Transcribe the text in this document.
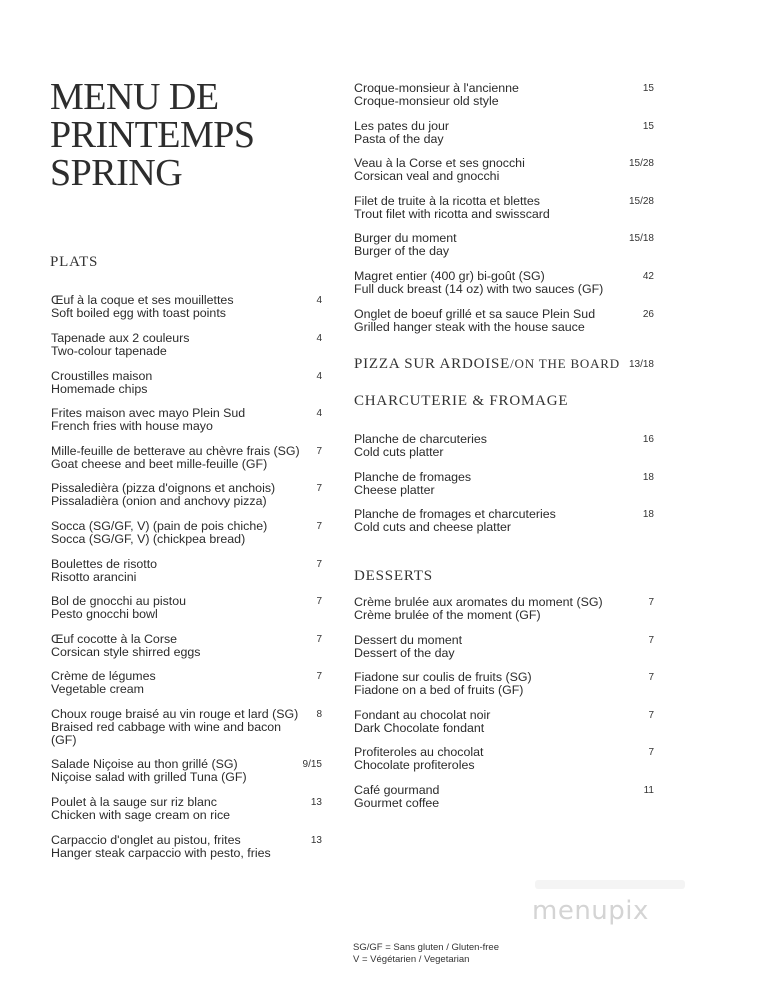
MENU DE
PRINTEMPS
SPRING
PLATS
Œuf à la coque et ses mouillettes
Soft boiled egg with toast points
4
Tapenade aux 2 couleurs
Two-colour tapenade
4
Croustilles maison
Homemade chips
4
Frites maison avec mayo Plein Sud
French fries with house mayo
4
Mille-feuille de betterave au chèvre frais (SG)
Goat cheese and beet mille-feuille (GF)
7
Pissaledièra (pizza d'oignons et anchois)
Pissaladièra (onion and anchovy pizza)
7
Socca (SG/GF, V) (pain de pois chiche)
Socca (SG/GF, V) (chickpea bread)
7
Boulettes de risotto
Risotto arancini
7
Bol de gnocchi au pistou
Pesto gnocchi bowl
7
Œuf cocotte à la Corse
Corsican style shirred eggs
7
Crème de légumes
Vegetable cream
7
Choux rouge braisé au vin rouge et lard (SG)
Braised red cabbage with wine and bacon
(GF)
8
Salade Niçoise au thon grillé (SG)
Niçoise salad with grilled Tuna (GF)
9/15
Poulet à la sauge sur riz blanc
Chicken with sage cream on rice
13
Carpaccio d'onglet au pistou, frites
Hanger steak carpaccio with pesto, fries
13
Croque-monsieur à l'ancienne
Croque-monsieur old style
15
Les pates du jour
Pasta of the day
15
Veau à la Corse et ses gnocchi
Corsican veal and gnocchi
15/28
Filet de truite à la ricotta et blettes
Trout filet with ricotta and swisscard
15/28
Burger du moment
Burger of the day
15/18
Magret entier (400 gr) bi-goût (SG)
Full duck breast (14 oz) with two sauces (GF)
42
Onglet de boeuf grillé et sa sauce Plein Sud
Grilled hanger steak with the house sauce
26
PIZZA SUR ARDOISE/ON THE BOARD 13/18
CHARCUTERIE & FROMAGE
Planche de charcuteries
Cold cuts platter
16
Planche de fromages
Cheese platter
18
Planche de fromages et charcuteries
Cold cuts and cheese platter
18
DESSERTS
Crème brulée aux aromates du moment (SG)
Crème brulée of the moment (GF)
7
Dessert du moment
Dessert of the day
7
Fiadone sur coulis de fruits (SG)
Fiadone on a bed of fruits (GF)
7
Fondant au chocolat noir
Dark Chocolate fondant
7
Profiteroles au chocolat
Chocolate profiteroles
7
Café gourmand
Gourmet coffee
11
menupix
SG/GF = Sans gluten / Gluten-free
V = Végétarien / Vegetarian
